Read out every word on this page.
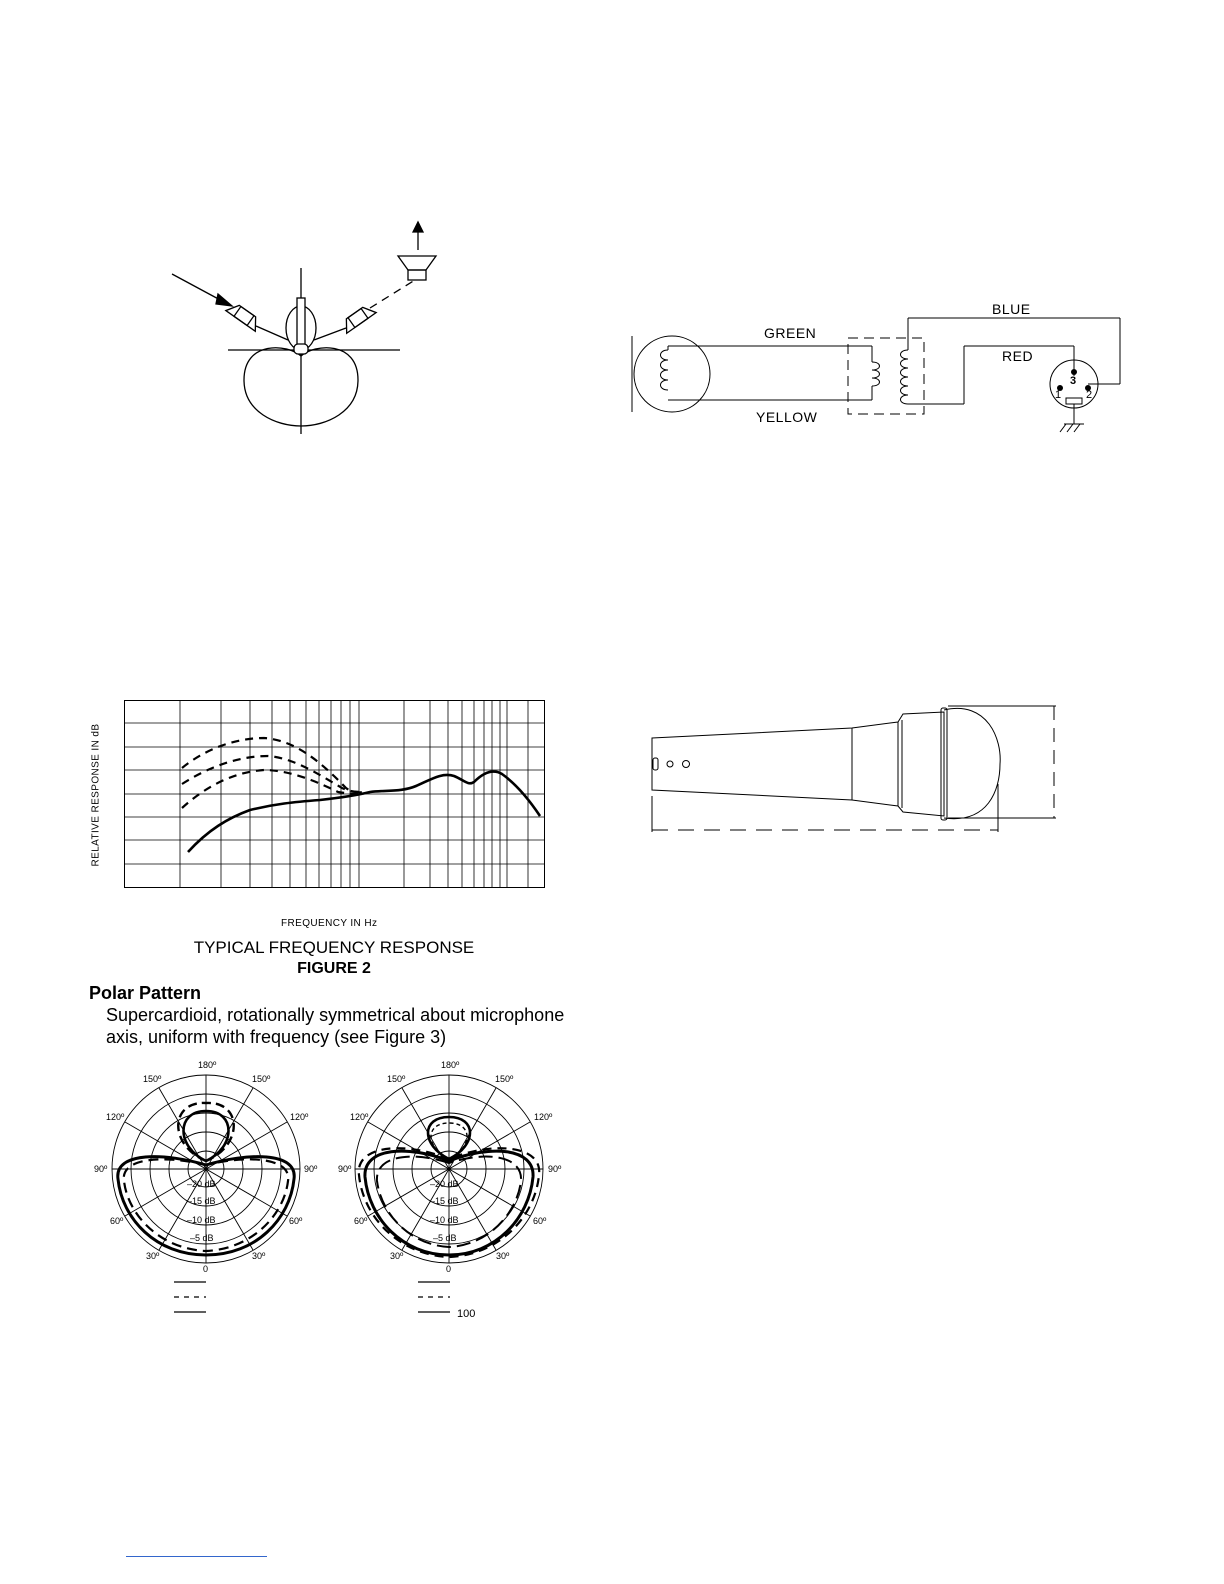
GREEN
YELLOW
BLUE
RED
3
1 2
RELATIVE RESPONSE IN dB
FREQUENCY IN Hz
TYPICAL FREQUENCY RESPONSE
FIGURE 2
Polar Pattern
Supercardioid, rotationally symmetrical about microphone axis, uniform with frequency (see Figure 3)
180º
150º	150º
120º	120º
90º	90º
60º	60º
30º	30º
0
–20 dB
–15 dB
–10 dB
–5 dB
180º
150º	150º
120º	120º
90º	90º
60º	60º
30º	30º
0
–20 dB
–15 dB
–10 dB
–5 dB
100
